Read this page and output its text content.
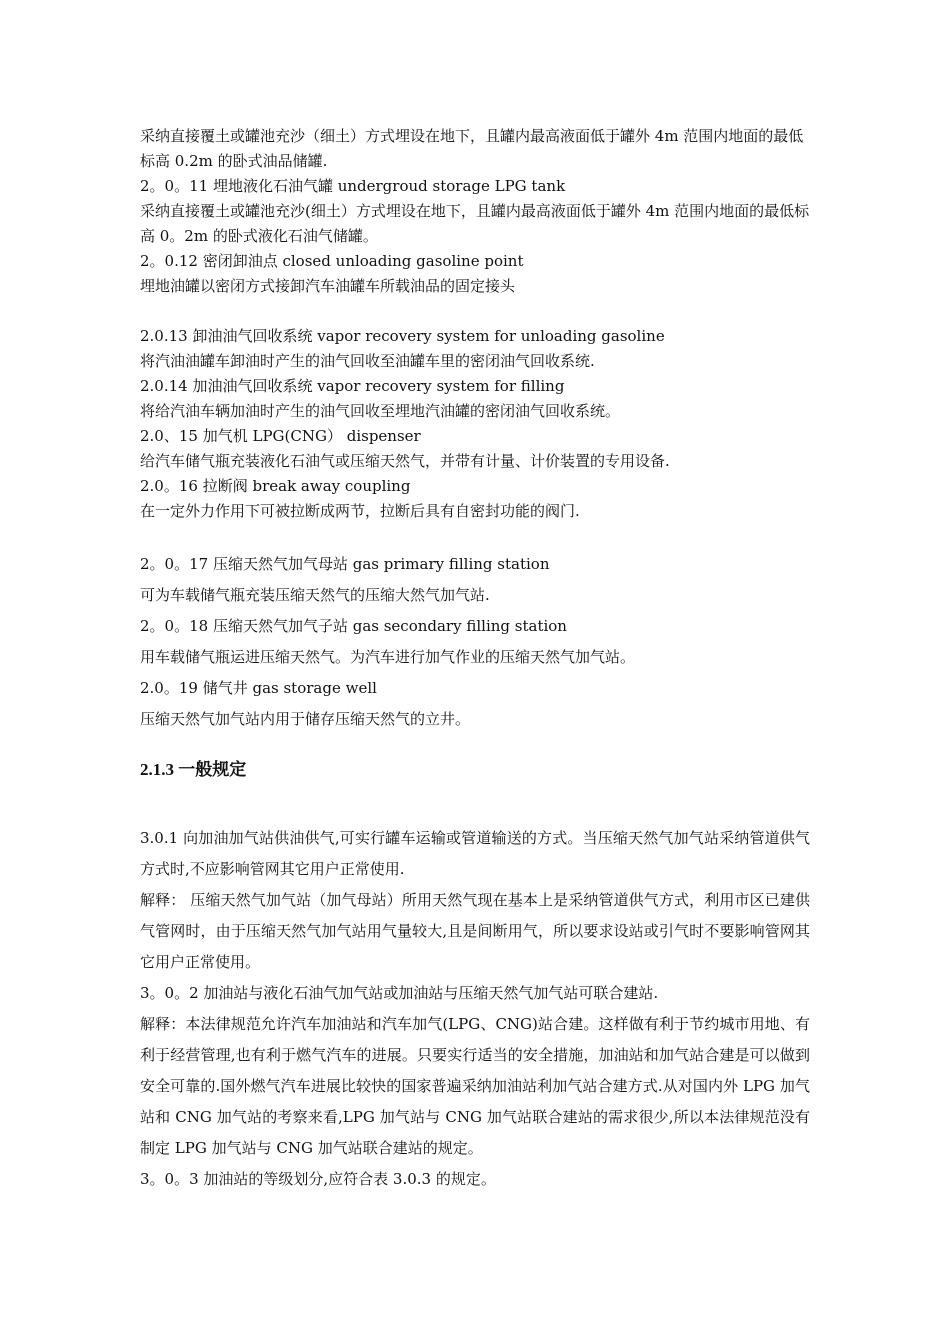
采纳直接覆土或罐池充沙（细土）方式埋设在地下，且罐内最高液面低于罐外 4m 范围内地面的最低标高 0.2m 的卧式油品储罐.

2。0。11 埋地液化石油气罐 undergroud storage LPG tank

采纳直接覆土或罐池充沙(细土）方式埋设在地下，且罐内最高液面低于罐外 4m 范围内地面的最低标高 0。2m 的卧式液化石油气储罐。

2。0.12 密闭卸油点 closed unloading gasoline point

埋地油罐以密闭方式接卸汽车油罐车所载油品的固定接头

2.0.13 卸油油气回收系统 vapor recovery system for unloading gasoline

将汽油油罐车卸油时产生的油气回收至油罐车里的密闭油气回收系统.

2.0.14 加油油气回收系统 vapor recovery system for filling

将给汽油车辆加油时产生的油气回收至埋地汽油罐的密闭油气回收系统。

2.0、15 加气机 LPG(CNG） dispenser

给汽车储气瓶充装液化石油气或压缩天然气，并带有计量、计价装置的专用设备.

2.0。16 拉断阀 break away coupling

在一定外力作用下可被拉断成两节，拉断后具有自密封功能的阀门.

2。0。17 压缩天然气加气母站 gas primary filling station

可为车载储气瓶充装压缩天然气的压缩大然气加气站.

2。0。18 压缩天然气加气子站 gas secondary filling station

用车载储气瓶运进压缩天然气。为汽车进行加气作业的压缩天然气加气站。

2.0。19 储气井 gas storage well

压缩天然气加气站内用于储存压缩天然气的立井。

2.1.3 一般规定

3.0.1 向加油加气站供油供气,可实行罐车运输或管道输送的方式。当压缩天然气加气站采纳管道供气方式时,不应影响管网其它用户正常使用.

解释： 压缩天然气加气站（加气母站）所用天然气现在基本上是采纳管道供气方式，利用市区已建供气管网时，由于压缩天然气加气站用气量较大,且是间断用气，所以要求设站或引气时不要影响管网其它用户正常使用。

3。0。2 加油站与液化石油气加气站或加油站与压缩天然气加气站可联合建站.

解释：本法律规范允许汽车加油站和汽车加气(LPG、CNG)站合建。这样做有利于节约城市用地、有利于经营管理,也有利于燃气汽车的进展。只要实行适当的安全措施，加油站和加气站合建是可以做到安全可靠的.国外燃气汽车进展比较快的国家普遍采纳加油站利加气站合建方式.从对国内外 LPG 加气站和 CNG 加气站的考察来看,LPG 加气站与 CNG 加气站联合建站的需求很少,所以本法律规范没有制定 LPG 加气站与 CNG 加气站联合建站的规定。

3。0。3 加油站的等级划分,应符合表 3.0.3 的规定。
